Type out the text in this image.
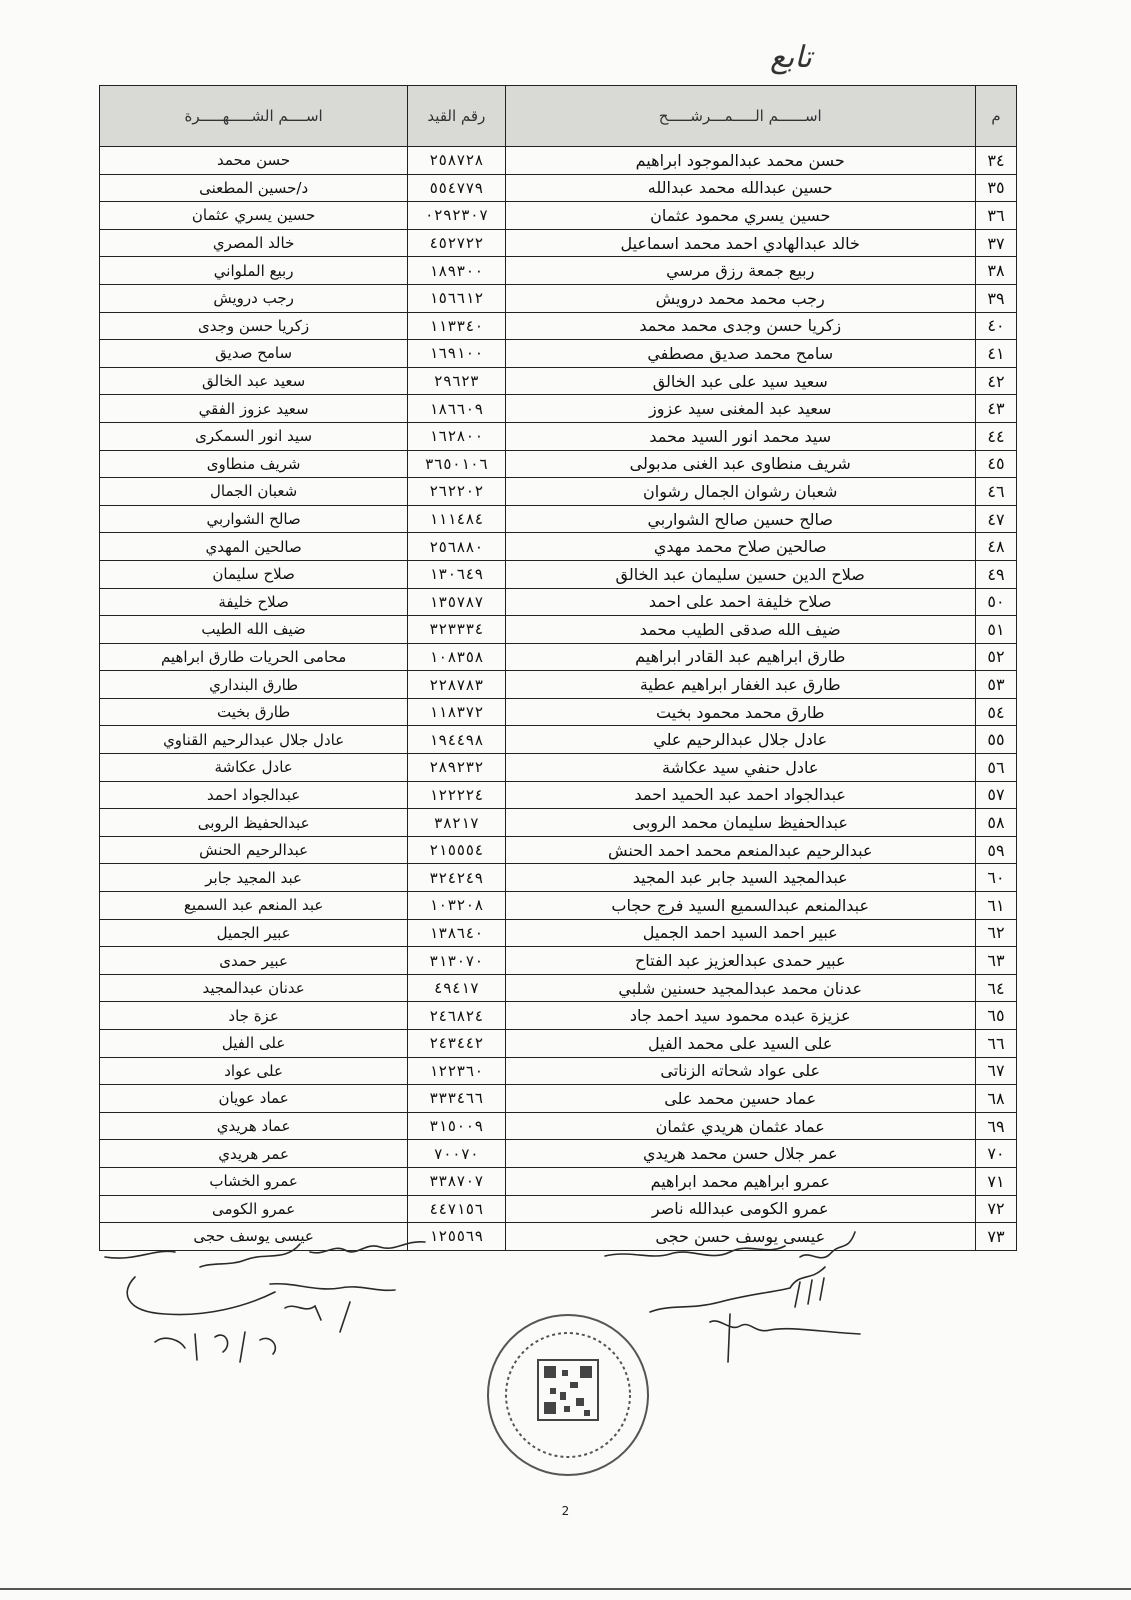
تابع
م	اســــــم الـــــمـــرشـــــح	رقم القيد	اســــم الشـــــهـــــرة
٣٤	حسن محمد عبدالموجود ابراهيم	٢٥٨٧٢٨	حسن محمد
٣٥	حسين عبدالله محمد عبدالله	٥٥٤٧٧٩	د/حسين المطعنى
٣٦	حسين يسري محمود عثمان	٠٢٩٢٣٠٧	حسين يسري عثمان
٣٧	خالد عبدالهادي احمد محمد اسماعيل	٤٥٢٧٢٢	خالد المصري
٣٨	ربيع جمعة رزق مرسي	١٨٩٣٠٠	ربيع الملواني
٣٩	رجب محمد محمد درويش	١٥٦٦١٢	رجب درويش
٤٠	زكريا حسن وجدى محمد محمد	١١٣٣٤٠	زكريا حسن وجدى
٤١	سامح محمد صديق مصطفي	١٦٩١٠٠	سامح صديق
٤٢	سعيد سيد على عبد الخالق	٢٩٦٢٣	سعيد عبد الخالق
٤٣	سعيد عبد المغنى سيد عزوز	١٨٦٦٠٩	سعيد عزوز الفقي
٤٤	سيد محمد انور السيد محمد	١٦٢٨٠٠	سيد انور السمكرى
٤٥	شريف منطاوى عبد الغنى مدبولى	٣٦٥٠١٠٦	شريف منطاوى
٤٦	شعبان رشوان الجمال رشوان	٢٦٢٢٠٢	شعبان الجمال
٤٧	صالح حسين صالح الشواربي	١١١٤٨٤	صالح الشواربي
٤٨	صالحين صلاح محمد مهدي	٢٥٦٨٨٠	صالحين المهدي
٤٩	صلاح الدين حسين سليمان عبد الخالق	١٣٠٦٤٩	صلاح سليمان
٥٠	صلاح خليفة احمد على احمد	١٣٥٧٨٧	صلاح خليفة
٥١	ضيف الله صدقى الطيب محمد	٣٢٣٣٣٤	ضيف الله الطيب
٥٢	طارق ابراهيم عبد القادر ابراهيم	١٠٨٣٥٨	محامى الحريات طارق ابراهيم
٥٣	طارق عبد الغفار ابراهيم عطية	٢٢٨٧٨٣	طارق البنداري
٥٤	طارق محمد محمود بخيت	١١٨٣٧٢	طارق بخيت
٥٥	عادل جلال عبدالرحيم علي	١٩٤٤٩٨	عادل جلال عبدالرحيم القناوي
٥٦	عادل حنفي سيد عكاشة	٢٨٩٢٣٢	عادل عكاشة
٥٧	عبدالجواد احمد عبد الحميد احمد	١٢٢٢٢٤	عبدالجواد احمد
٥٨	عبدالحفيظ سليمان محمد الروبى	٣٨٢١٧	عبدالحفيظ الروبى
٥٩	عبدالرحيم عبدالمنعم محمد احمد الحنش	٢١٥٥٥٤	عبدالرحيم الحنش
٦٠	عبدالمجيد السيد جابر عبد المجيد	٣٢٤٢٤٩	عبد المجيد جابر
٦١	عبدالمنعم عبدالسميع السيد فرج حجاب	١٠٣٢٠٨	عبد المنعم عبد السميع
٦٢	عبير احمد السيد احمد الجميل	١٣٨٦٤٠	عبير الجميل
٦٣	عبير حمدى عبدالعزيز عبد الفتاح	٣١٣٠٧٠	عبير حمدى
٦٤	عدنان محمد عبدالمجيد حسنين شلبي	٤٩٤١٧	عدنان عبدالمجيد
٦٥	عزيزة عبده محمود سيد احمد جاد	٢٤٦٨٢٤	عزة جاد
٦٦	على السيد على محمد الفيل	٢٤٣٤٤٢	على الفيل
٦٧	على عواد شحاته الزناتى	١٢٢٣٦٠	على عواد
٦٨	عماد حسين محمد على	٣٣٣٤٦٦	عماد عويان
٦٩	عماد عثمان هريدي عثمان	٣١٥٠٠٩	عماد هريدي
٧٠	عمر جلال حسن محمد هريدي	٧٠٠٧٠	عمر هريدي
٧١	عمرو ابراهيم محمد ابراهيم	٣٣٨٧٠٧	عمرو الخشاب
٧٢	عمرو الكومى عبدالله ناصر	٤٤٧١٥٦	عمرو الكومى
٧٣	عيسى يوسف حسن حجى	١٢٥٥٦٩	عيسى يوسف حجى
2
